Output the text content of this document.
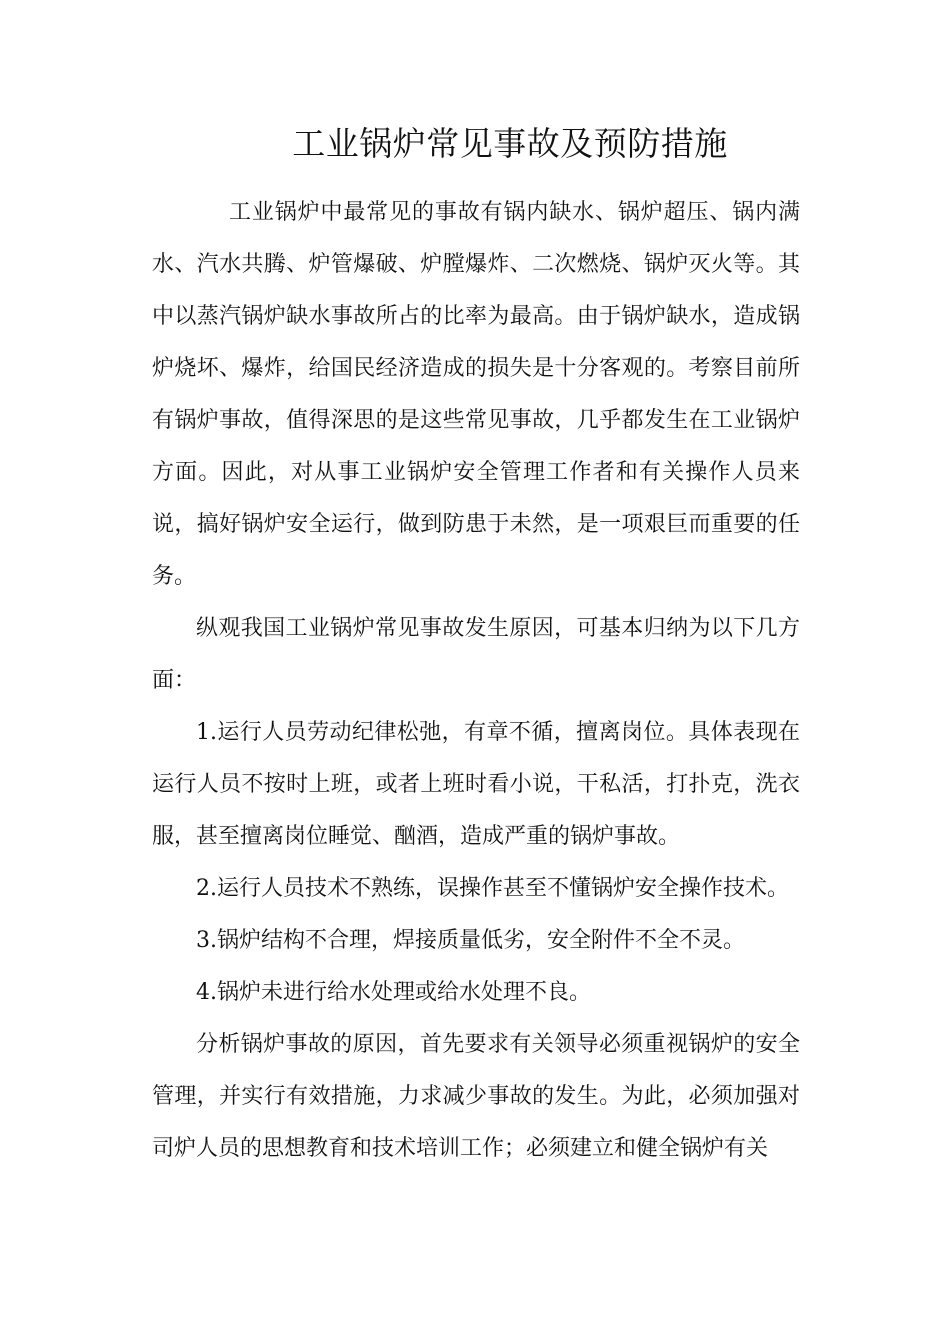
工业锅炉常见事故及预防措施

工业锅炉中最常见的事故有锅内缺水、锅炉超压、锅内满水、汽水共腾、炉管爆破、炉膛爆炸、二次燃烧、锅炉灭火等。其中以蒸汽锅炉缺水事故所占的比率为最高。由于锅炉缺水，造成锅炉烧坏、爆炸，给国民经济造成的损失是十分客观的。考察目前所有锅炉事故，值得深思的是这些常见事故，几乎都发生在工业锅炉方面。因此，对从事工业锅炉安全管理工作者和有关操作人员来说，搞好锅炉安全运行，做到防患于未然，是一项艰巨而重要的任务。

纵观我国工业锅炉常见事故发生原因，可基本归纳为以下几方面：

1.运行人员劳动纪律松弛，有章不循，擅离岗位。具体表现在运行人员不按时上班，或者上班时看小说，干私活，打扑克，洗衣服，甚至擅离岗位睡觉、酗酒，造成严重的锅炉事故。

2.运行人员技术不熟练，误操作甚至不懂锅炉安全操作技术。

3.锅炉结构不合理，焊接质量低劣，安全附件不全不灵。

4.锅炉未进行给水处理或给水处理不良。

分析锅炉事故的原因，首先要求有关领导必须重视锅炉的安全管理，并实行有效措施，力求减少事故的发生。为此，必须加强对司炉人员的思想教育和技术培训工作；必须建立和健全锅炉有关
